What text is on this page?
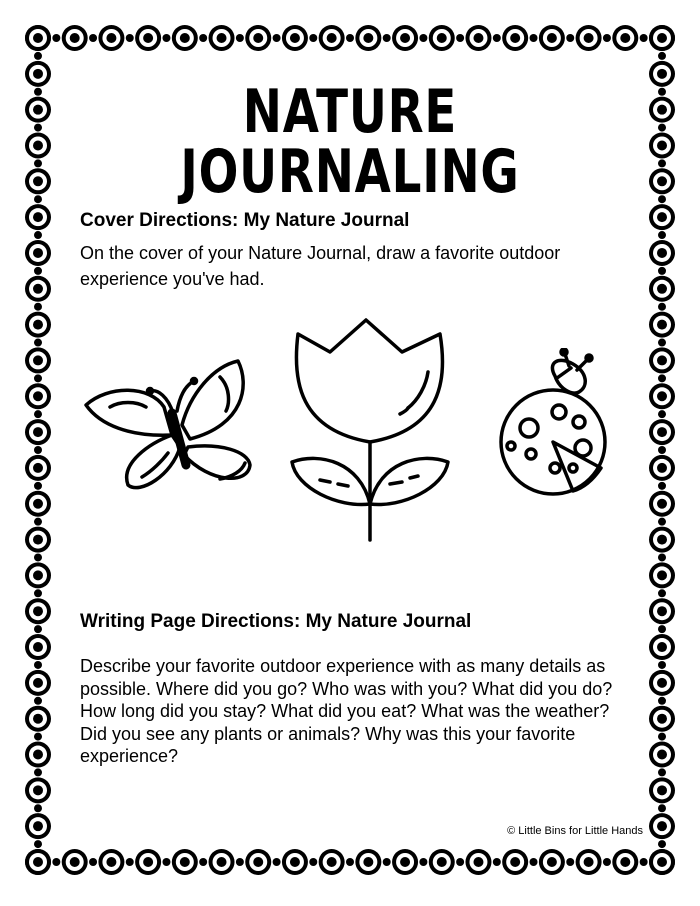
NATURE JOURNALING
Cover Directions: My Nature Journal
On the cover of your Nature Journal, draw a favorite outdoor experience you've had.
Writing Page Directions: My Nature Journal
Describe your favorite outdoor experience with as many details as possible. Where did you go? Who was with you? What did you do? How long did you stay? What did you eat? What was the weather? Did you see any plants or animals? Why was this your favorite experience?
© Little Bins for Little Hands
